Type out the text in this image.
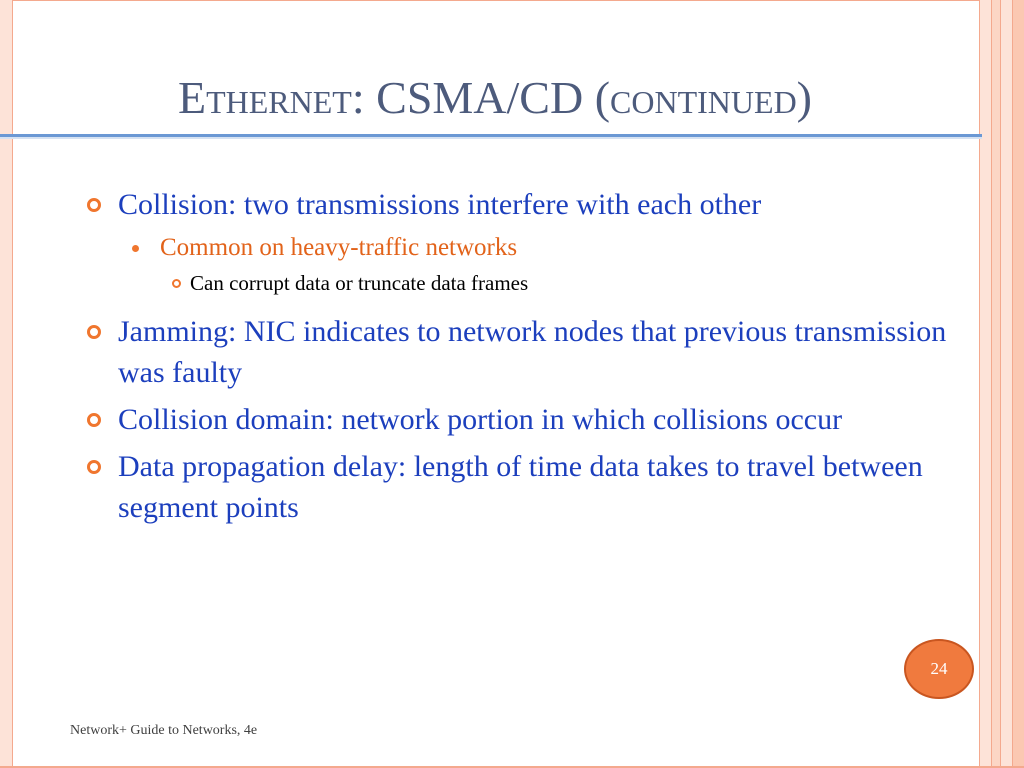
Ethernet: CSMA/CD (continued)
Collision: two transmissions interfere with each other
Common on heavy-traffic networks
Can corrupt data or truncate data frames
Jamming: NIC indicates to network nodes that previous transmission was faulty
Collision domain: network portion in which collisions occur
Data propagation delay: length of time data takes to travel between segment points
24
Network+ Guide to Networks, 4e
